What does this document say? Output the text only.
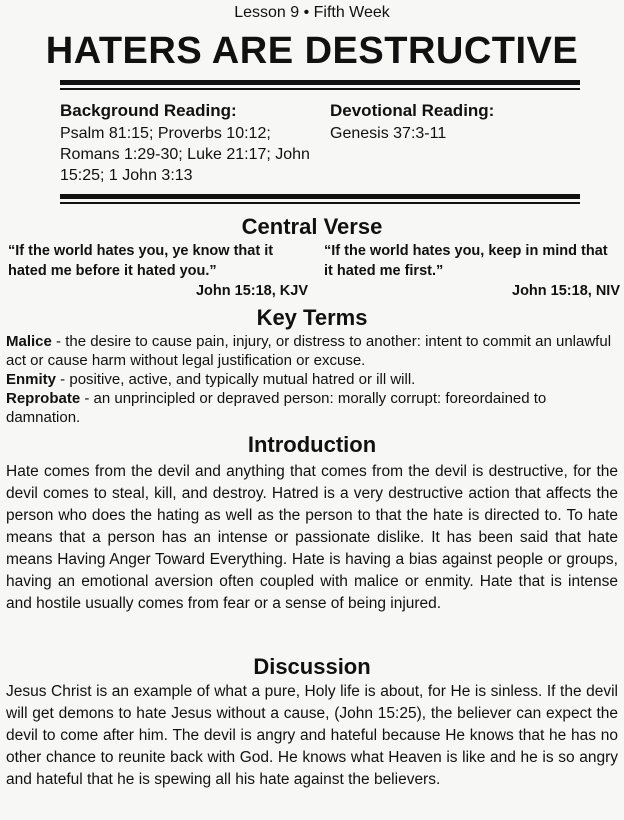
Lesson 9 • Fifth Week
HATERS ARE DESTRUCTIVE
Background Reading:

Psalm 81:15; Proverbs 10:12; Romans 1:29-30; Luke 21:17; John 15:25; 1 John 3:13

Devotional Reading:

Genesis 37:3-11

Central Verse
“If the world hates you, ye know that it hated me before it hated you.”
John 15:18, KJV
“If the world hates you, keep in mind that it hated me first.”
John 15:18, NIV
Key Terms

Malice - the desire to cause pain, injury, or distress to another: intent to commit an unlawful act or cause harm without legal justification or excuse.

Enmity - positive, active, and typically mutual hatred or ill will.

Reprobate - an unprincipled or depraved person: morally corrupt: foreordained to damnation.

Introduction

Hate comes from the devil and anything that comes from the devil is destructive, for the devil comes to steal, kill, and destroy. Hatred is a very destructive action that affects the person who does the hating as well as the person to that the hate is directed to. To hate means that a person has an intense or passionate dislike. It has been said that hate means Having Anger Toward Everything. Hate is having a bias against people or groups, having an emotional aversion often coupled with malice or enmity. Hate that is intense and hostile usually comes from fear or a sense of being injured.

Discussion

Jesus Christ is an example of what a pure, Holy life is about, for He is sinless. If the devil will get demons to hate Jesus without a cause, (John 15:25), the believer can expect the devil to come after him. The devil is angry and hateful because He knows that he has no other chance to reunite back with God. He knows what Heaven is like and he is so angry and hateful that he is spewing all his hate against the believers.
